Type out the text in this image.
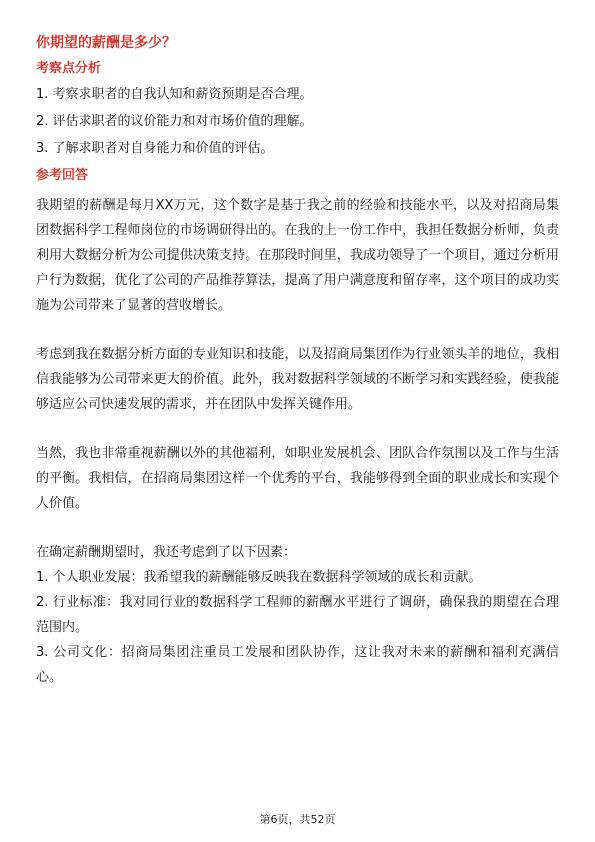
你期望的薪酬是多少？
考察点分析
1. 考察求职者的自我认知和薪资预期是否合理。
2. 评估求职者的议价能力和对市场价值的理解。
3. 了解求职者对自身能力和价值的评估。
参考回答

我期望的薪酬是每月XX万元，这个数字是基于我之前的经验和技能水平，以及对招商局集团数据科学工程师岗位的市场调研得出的。在我的上一份工作中，我担任数据分析师，负责利用大数据分析为公司提供决策支持。在那段时间里，我成功领导了一个项目，通过分析用户行为数据，优化了公司的产品推荐算法，提高了用户满意度和留存率，这个项目的成功实施为公司带来了显著的营收增长。

考虑到我在数据分析方面的专业知识和技能，以及招商局集团作为行业领头羊的地位，我相信我能够为公司带来更大的价值。此外，我对数据科学领域的不断学习和实践经验，使我能够适应公司快速发展的需求，并在团队中发挥关键作用。

当然，我也非常重视薪酬以外的其他福利，如职业发展机会、团队合作氛围以及工作与生活的平衡。我相信，在招商局集团这样一个优秀的平台，我能够得到全面的职业成长和实现个人价值。

在确定薪酬期望时，我还考虑到了以下因素：

1. 个人职业发展：我希望我的薪酬能够反映我在数据科学领域的成长和贡献。

2. 行业标准：我对同行业的数据科学工程师的薪酬水平进行了调研，确保我的期望在合理范围内。

3. 公司文化：招商局集团注重员工发展和团队协作，这让我对未来的薪酬和福利充满信心。

第6页，共52页
